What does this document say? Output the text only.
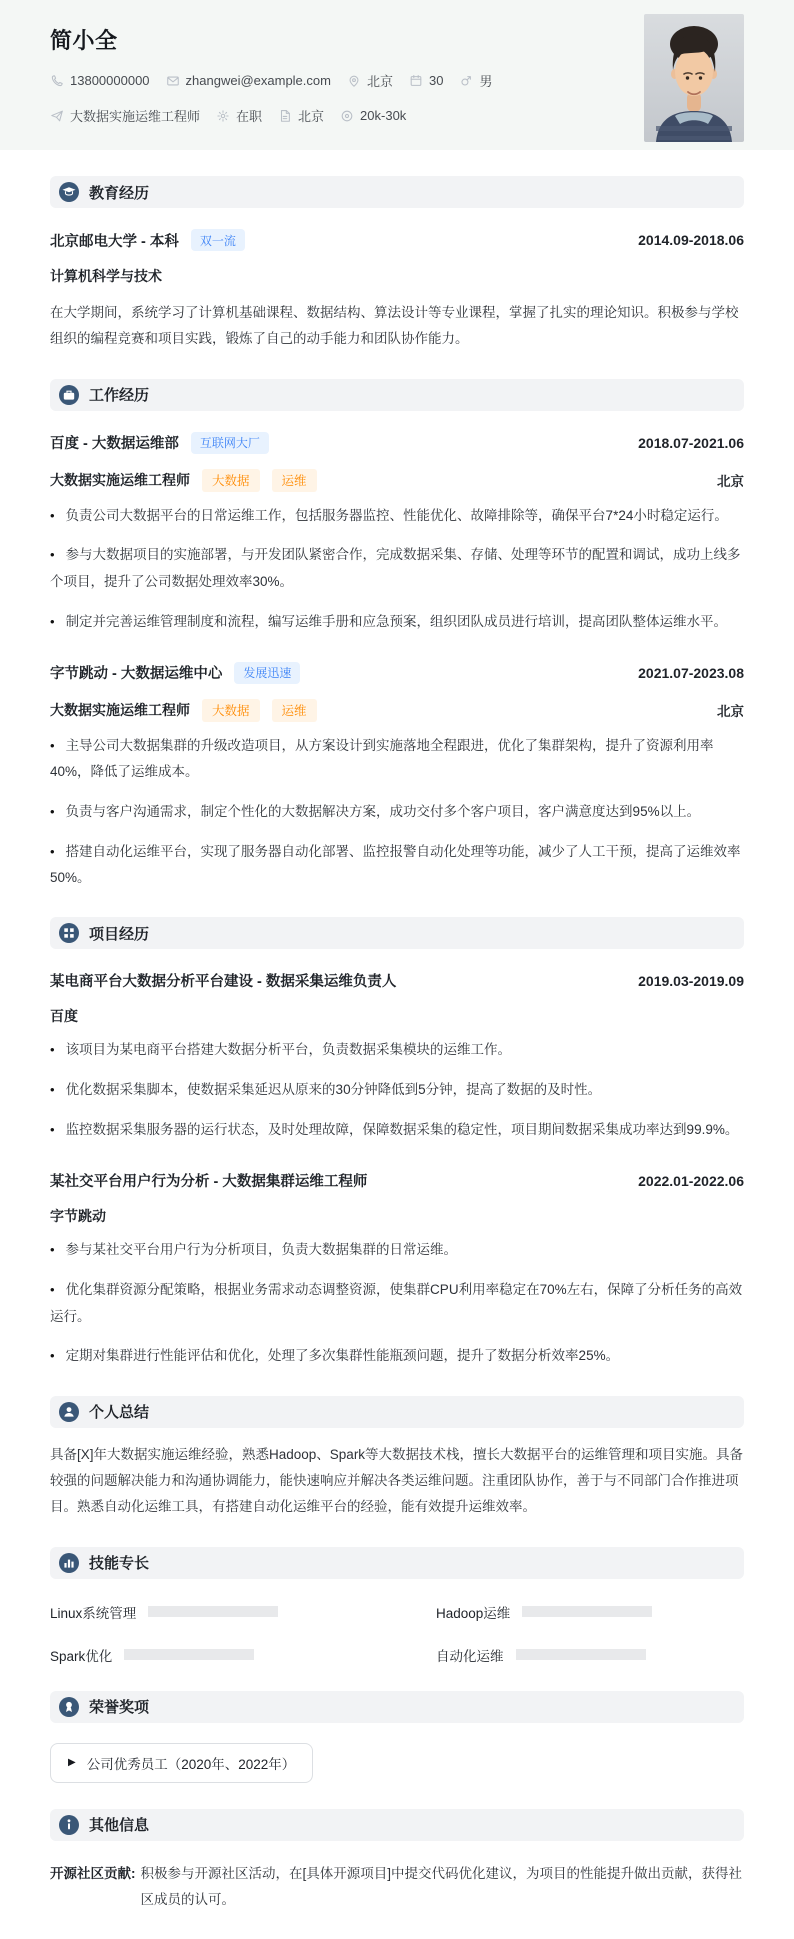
简小全
13800000000	zhangwei@example.com	北京	30	男
大数据实施运维工程师	在职	北京	20k-30k
教育经历
北京邮电大学 - 本科	双一流	2014.09-2018.06
计算机科学与技术

在大学期间，系统学习了计算机基础课程、数据结构、算法设计等专业课程，掌握了扎实的理论知识。积极参与学校组织的编程竞赛和项目实践，锻炼了自己的动手能力和团队协作能力。

工作经历
百度 - 大数据运维部	互联网大厂	2018.07-2021.06
大数据实施运维工程师	大数据	运维	北京

• 负责公司大数据平台的日常运维工作，包括服务器监控、性能优化、故障排除等，确保平台7*24小时稳定运行。

• 参与大数据项目的实施部署，与开发团队紧密合作，完成数据采集、存储、处理等环节的配置和调试，成功上线多个项目，提升了公司数据处理效率30%。

• 制定并完善运维管理制度和流程，编写运维手册和应急预案，组织团队成员进行培训，提高团队整体运维水平。

字节跳动 - 大数据运维中心	发展迅速	2021.07-2023.08
大数据实施运维工程师	大数据	运维	北京

• 主导公司大数据集群的升级改造项目，从方案设计到实施落地全程跟进，优化了集群架构，提升了资源利用率40%，降低了运维成本。

• 负责与客户沟通需求，制定个性化的大数据解决方案，成功交付多个客户项目，客户满意度达到95%以上。

• 搭建自动化运维平台，实现了服务器自动化部署、监控报警自动化处理等功能，减少了人工干预，提高了运维效率50%。

项目经历
某电商平台大数据分析平台建设 - 数据采集运维负责人	2019.03-2019.09
百度

• 该项目为某电商平台搭建大数据分析平台，负责数据采集模块的运维工作。

• 优化数据采集脚本，使数据采集延迟从原来的30分钟降低到5分钟，提高了数据的及时性。

• 监控数据采集服务器的运行状态，及时处理故障，保障数据采集的稳定性，项目期间数据采集成功率达到99.9%。

某社交平台用户行为分析 - 大数据集群运维工程师	2022.01-2022.06
字节跳动

• 参与某社交平台用户行为分析项目，负责大数据集群的日常运维。

• 优化集群资源分配策略，根据业务需求动态调整资源，使集群CPU利用率稳定在70%左右，保障了分析任务的高效运行。

• 定期对集群进行性能评估和优化，处理了多次集群性能瓶颈问题，提升了数据分析效率25%。

个人总结

具备[X]年大数据实施运维经验，熟悉Hadoop、Spark等大数据技术栈，擅长大数据平台的运维管理和项目实施。具备较强的问题解决能力和沟通协调能力，能快速响应并解决各类运维问题。注重团队协作，善于与不同部门合作推进项目。熟悉自动化运维工具，有搭建自动化运维平台的经验，能有效提升运维效率。

技能专长
Linux系统管理	Hadoop运维
Spark优化	自动化运维
荣誉奖项
▶ 公司优秀员工（2020年、2022年）
其他信息
开源社区贡献: 积极参与开源社区活动，在[具体开源项目]中提交代码优化建议，为项目的性能提升做出贡献，获得社区成员的认可。
